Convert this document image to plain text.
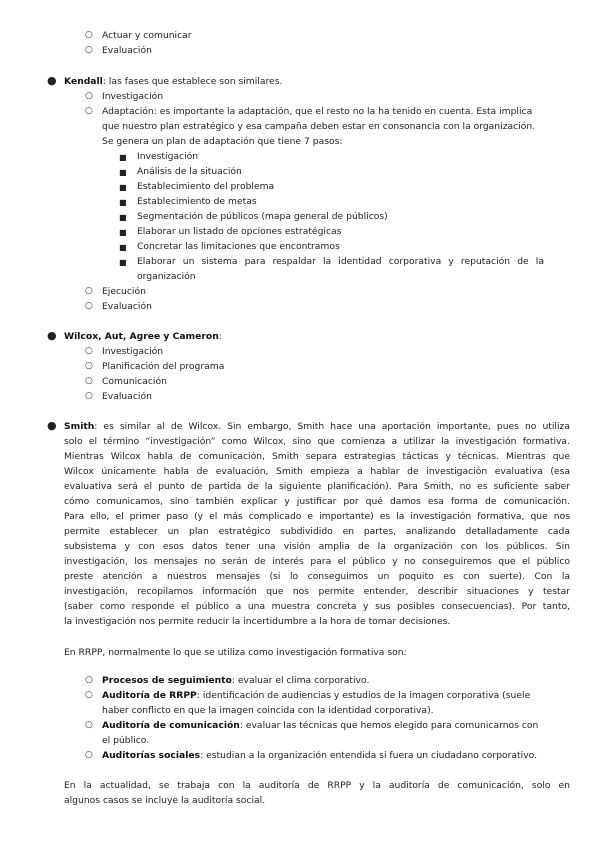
○ Actuar y comunicar
○ Evaluación
● Kendall: las fases que establece son similares.
○ Investigación
○ Adaptación: es importante la adaptación, que el resto no la ha tenido en cuenta. Esta implica
que nuestro plan estratégico y esa campaña deben estar en consonancia con la organización.
Se genera un plan de adaptación que tiene 7 pasos:
■ Investigación
■ Análisis de la situación
■ Establecimiento del problema
■ Establecimiento de metas
■ Segmentación de públicos (mapa general de públicos)
■ Elaborar un listado de opciones estratégicas
■ Concretar las limitaciones que encontramos
■ Elaborar un sistema para respaldar la identidad corporativa y reputación de la
organización
○ Ejecución
○ Evaluación
● Wilcox, Aut, Agree y Cameron:
○ Investigación
○ Planificación del programa
○ Comunicación
○ Evaluación
● Smith: es similar al de Wilcox. Sin embargo, Smith hace una aportación importante, pues no utiliza
solo el término “investigación” como Wilcox, sino que comienza a utilizar la investigación formativa.
Mientras Wilcox habla de comunicación, Smith separa estrategias tácticas y técnicas. Mientras que
Wilcox únicamente habla de evaluación, Smith empieza a hablar de investigación evaluativa (esa
evaluativa será el punto de partida de la siguiente planificación). Para Smith, no es suficiente saber
cómo comunicamos, sino también explicar y justificar por qué damos esa forma de comunicación.
Para ello, el primer paso (y el más complicado e importante) es la investigación formativa, que nos
permite establecer un plan estratégico subdividido en partes, analizando detalladamente cada
subsistema y con esos datos tener una visión amplia de la organización con los públicos. Sin
investigación, los mensajes no serán de interés para el público y no conseguiremos que el público
preste atención a nuestros mensajes (si lo conseguimos un poquito es con suerte). Con la
investigación, recopilamos información que nos permite entender, describir situaciones y testar
(saber como responde el público a una muestra concreta y sus posibles consecuencias). Por tanto,
la investigación nos permite reducir la incertidumbre a la hora de tomar decisiones.
En RRPP, normalmente lo que se utiliza como investigación formativa son:
○ Procesos de seguimiento: evaluar el clima corporativo.
○ Auditoría de RRPP: identificación de audiencias y estudios de la imagen corporativa (suele
haber conflicto en que la imagen coincida con la identidad corporativa).
○ Auditoría de comunicación: evaluar las técnicas que hemos elegido para comunicarnos con
el público.
○ Auditorías sociales: estudian a la organización entendida si fuera un ciudadano corporativo.
En la actualidad, se trabaja con la auditoría de RRPP y la auditoría de comunicación, solo en
algunos casos se incluye la auditoría social.
